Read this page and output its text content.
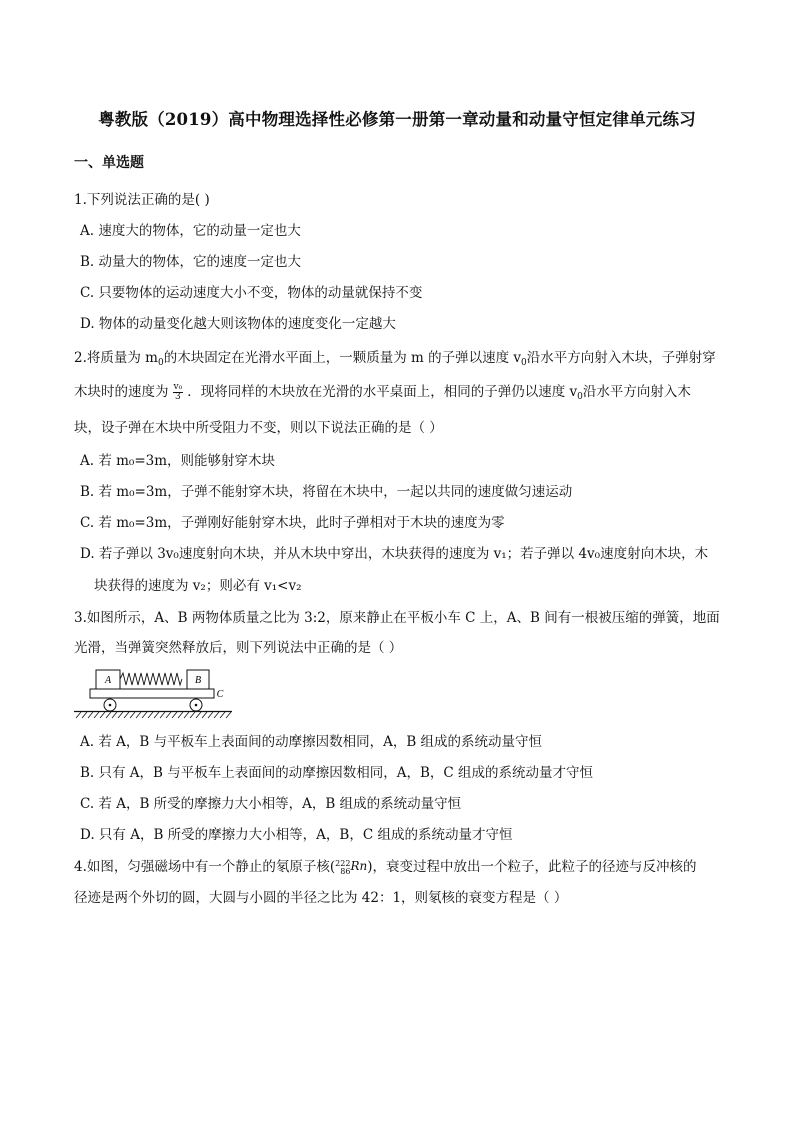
粤教版（2019）高中物理选择性必修第一册第一章动量和动量守恒定律单元练习
一、单选题
1.下列说法正确的是( )
A. 速度大的物体，它的动量一定也大
B. 动量大的物体，它的速度一定也大
C. 只要物体的运动速度大小不变，物体的动量就保持不变
D. 物体的动量变化越大则该物体的速度变化一定越大
2.将质量为 $m_0$的木块固定在光滑水平面上，一颗质量为 m 的子弹以速度 $v_0$沿水平方向射入木块，子弹射穿
木块时的速度为 $\frac{\text{v₀}}{3}$ ．现将同样的木块放在光滑的水平桌面上，相同的子弹仍以速度 $v_0$沿水平方向射入木
块，设子弹在木块中所受阻力不变，则以下说法正确的是（ ）
A. 若 m₀=3m，则能够射穿木块
B. 若 m₀=3m，子弹不能射穿木块，将留在木块中，一起以共同的速度做匀速运动
C. 若 m₀=3m，子弹刚好能射穿木块，此时子弹相对于木块的速度为零
D. 若子弹以 3v₀速度射向木块，并从木块中穿出，木块获得的速度为 v₁；若子弹以 4v₀速度射向木块，木
块获得的速度为 v₂；则必有 v₁<v₂
3.如图所示，A、B 两物体质量之比为 3:2，原来静止在平板小车 C 上，A、B 间有一根被压缩的弹簧，地面
光滑，当弹簧突然释放后，则下列说法中正确的是（ ）
A	B
C
A. 若 A，B 与平板车上表面间的动摩擦因数相同，A，B 组成的系统动量守恒
B. 只有 A，B 与平板车上表面间的动摩擦因数相同，A，B，C 组成的系统动量才守恒
C. 若 A，B 所受的摩擦力大小相等，A，B 组成的系统动量守恒
D. 只有 A，B 所受的摩擦力大小相等，A，B，C 组成的系统动量才守恒
4.如图，匀强磁场中有一个静止的氡原子核( 222
86 Rn)，衰变过程中放出一个粒子，此粒子的径迹与反冲核的
径迹是两个外切的圆，大圆与小圆的半径之比为 42：1，则氡核的衰变方程是（ ）
